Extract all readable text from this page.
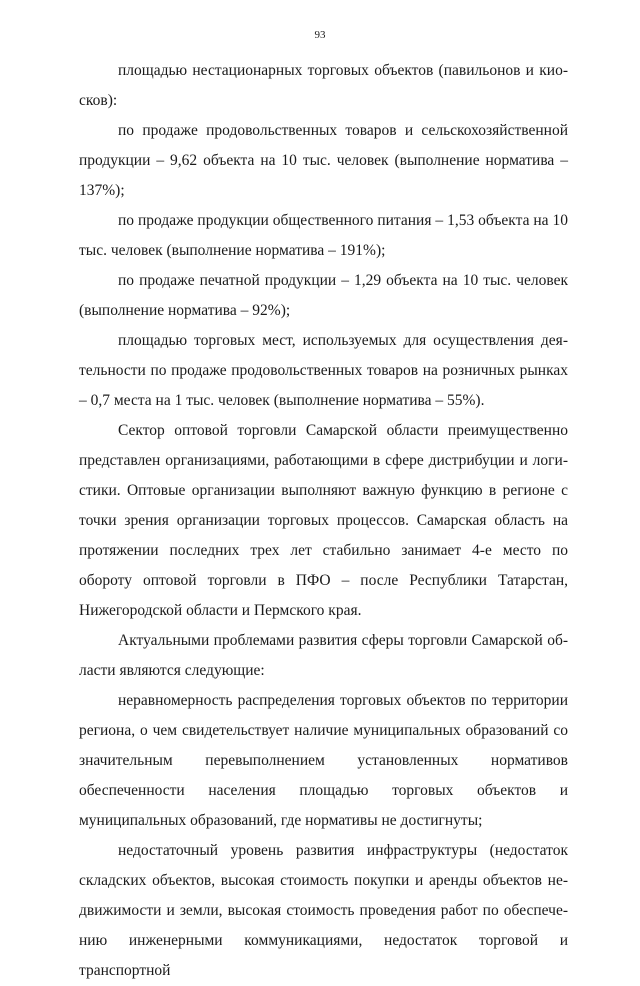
93

площадью нестационарных торговых объектов (павильонов и киосков):

по продаже продовольственных товаров и сельскохозяйственной продукции – 9,62 объекта на 10 тыс. человек (выполнение норматива – 137%);

по продаже продукции общественного питания – 1,53 объекта на 10 тыс. человек (выполнение норматива – 191%);

по продаже печатной продукции – 1,29 объекта на 10 тыс. человек (выполнение норматива – 92%);

площадью торговых мест, используемых для осуществления деятельности по продаже продовольственных товаров на розничных рынках – 0,7 места на 1 тыс. человек (выполнение норматива – 55%).

Сектор оптовой торговли Самарской области преимущественно представлен организациями, работающими в сфере дистрибуции и логистики. Оптовые организации выполняют важную функцию в регионе с точки зрения организации торговых процессов. Самарская область на протяжении последних трех лет стабильно занимает 4-е место по обороту оптовой торговли в ПФО – после Республики Татарстан, Нижегородской области и Пермского края.

Актуальными проблемами развития сферы торговли Самарской области являются следующие:

неравномерность распределения торговых объектов по территории региона, о чем свидетельствует наличие муниципальных образований со значительным перевыполнением установленных нормативов обеспеченности населения площадью торговых объектов и муниципальных образований, где нормативы не достигнуты;

недостаточный уровень развития инфраструктуры (недостаток складских объектов, высокая стоимость покупки и аренды объектов недвижимости и земли, высокая стоимость проведения работ по обеспечению инженерными коммуникациями, недостаток торговой и транспортной
